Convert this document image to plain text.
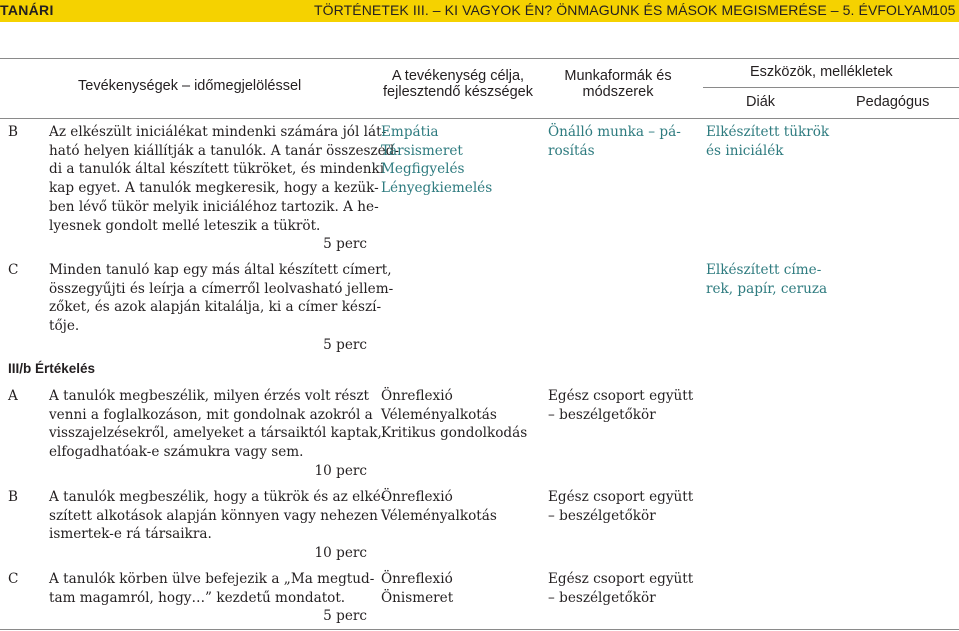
TANÁRI	TÖRTÉNETEK III. – KI VAGYOK ÉN? ÖNMAGUNK ÉS MÁSOK MEGISMERÉSE – 5. ÉVFOLYAM
105
Tevékenységek – időmegjelöléssel
A tevékenység célja,
fejlesztendő készségek
Munkaformák és
módszerek
Eszközök, mellékletek
Diák	Pedagógus
B Az elkészült iniciálékat mindenki számára jól lát-
ható helyen kiállítják a tanulók. A tanár összeszed-
di a tanulók által készített tükröket, és mindenki
kap egyet. A tanulók megkeresik, hogy a kezük-
ben lévő tükör melyik iniciáléhoz tartozik. A he-
lyesnek gondolt mellé leteszik a tükröt.
5 perc
Empátia
Társismeret
Megfigyelés
Lényegkiemelés
Önálló munka – pá-
rosítás
Elkészített tükrök
és iniciálék
C Minden tanuló kap egy más által készített címert,
összegyűjti és leírja a címerről leolvasható jellem-
zőket, és azok alapján kitalálja, ki a címer készí-
tője.
5 perc
Elkészített címe-
rek, papír, ceruza
III/b Értékelés
A A tanulók megbeszélik, milyen érzés volt részt
venni a foglalkozáson, mit gondolnak azokról a
visszajelzésekről, amelyeket a társaiktól kaptak,
elfogadhatóak-e számukra vagy sem.
10 perc
Önreflexió
Véleményalkotás
Kritikus gondolkodás
Egész csoport együtt
– beszélgetőkör
B A tanulók megbeszélik, hogy a tükrök és az elké-
szített alkotások alapján könnyen vagy nehezen
ismertek-e rá társaikra.
10 perc
Önreflexió
Véleményalkotás
Egész csoport együtt
– beszélgetőkör
C A tanulók körben ülve befejezik a „Ma megtud-
tam magamról, hogy…” kezdetű mondatot.
5 perc
Önreflexió
Önismeret
Egész csoport együtt
– beszélgetőkör
